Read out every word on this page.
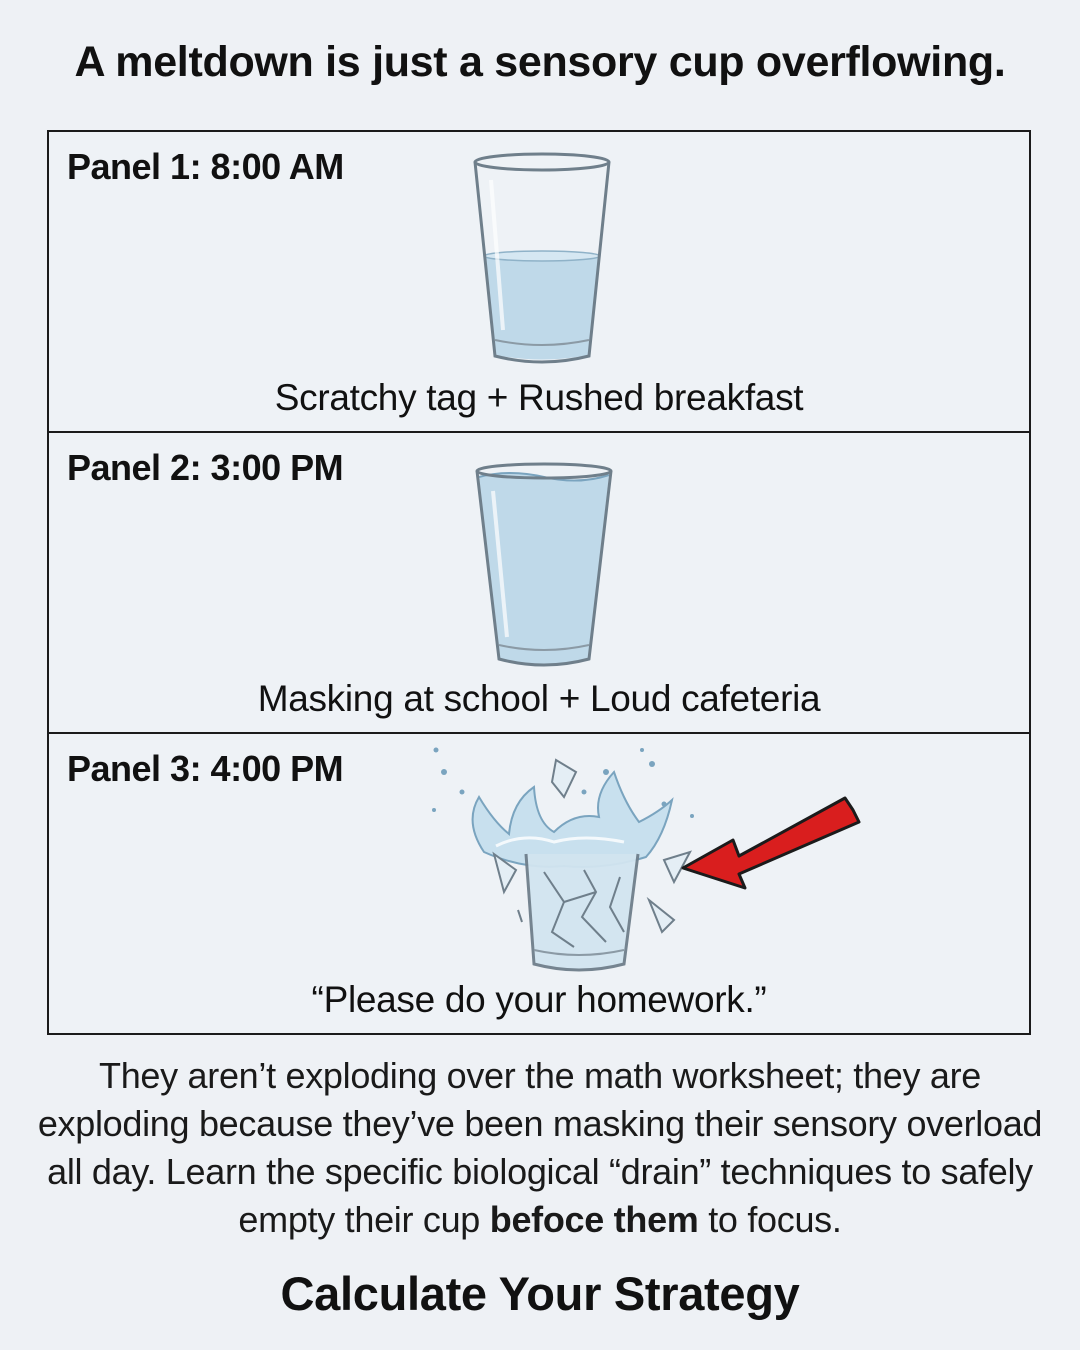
A meltdown is just a sensory cup overflowing.
Panel 1: 8:00 AM
Scratchy tag + Rushed breakfast
Panel 2: 3:00 PM
Masking at school + Loud cafeteria
Panel 3: 4:00 PM
“Please do your homework.”
They aren’t exploding over the math worksheet; they are exploding because they’ve been masking their sensory overload all day. Learn the specific biological “drain” techniques to safely empty their cup befoce them to focus.
Calculate Your Strategy
